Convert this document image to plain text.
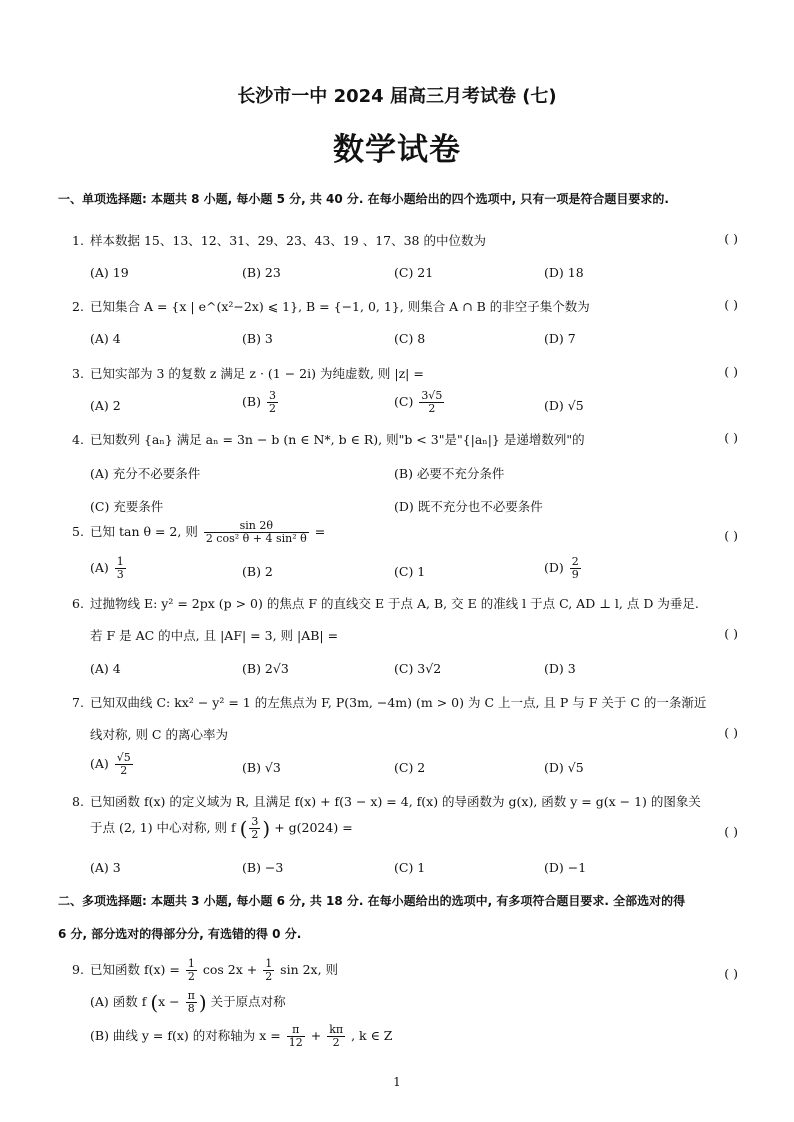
长沙市一中 2024 届高三月考试卷 (七)
数学试卷
一、单项选择题: 本题共 8 小题, 每小题 5 分, 共 40 分. 在每小题给出的四个选项中, 只有一项是符合题目要求的.
1. 样本数据 15、13、12、31、29、23、43、19 、17、38 的中位数为	( )
(A) 19	(B) 23	(C) 21	(D) 18
2. 已知集合 A = {x | e^(x²−2x) ⩽ 1}, B = {−1, 0, 1}, 则集合 A ∩ B 的非空子集个数为	( )
(A) 4	(B) 3	(C) 8	(D) 7
3. 已知实部为 3 的复数 z 满足 z · (1 − 2i) 为纯虚数, 则 |z| =	( )
(A) 2	$(B) \frac{3}{2}$	$(C) \frac{3√5}{2}$	(D) √5
4. 已知数列 {aₙ} 满足 aₙ = 3n − b (n ∈ N*, b ∈ R), 则"b < 3"是"{|aₙ|} 是递增数列"的	( )
(A) 充分不必要条件	(B) 必要不充分条件
(C) 充要条件	(D) 既不充分也不必要条件
5. 已知 tan θ = 2, 则 $\frac{\sin 2\theta}{\text{2 cos² θ + 4 sin² θ}}$ =	( )
$(A) \frac{1}{3}$	(B) 2	(C) 1	$(D) \frac{2}{9}$
6. 过抛物线 E: y² = 2px (p > 0) 的焦点 F 的直线交 E 于点 A, B, 交 E 的准线 l 于点 C, AD ⊥ l, 点 D 为垂足.
若 F 是 AC 的中点, 且 |AF| = 3, 则 |AB| =	( )
(A) 4	(B) 2√3	(C) 3√2	(D) 3
7. 已知双曲线 C: kx² − y² = 1 的左焦点为 F, P(3m, −4m) (m > 0) 为 C 上一点, 且 P 与 F 关于 C 的一条渐近
线对称, 则 C 的离心率为	( )
$(A) \frac{√5}{2}$	(B) √3	(C) 2	(D) √5
8. 已知函数 f(x) 的定义域为 R, 且满足 f(x) + f(3 − x) = 4, f(x) 的导函数为 g(x), 函数 y = g(x − 1) 的图象关
于点 (2, 1) 中心对称, 则 f ( $\frac{3}{2}$ ) + g(2024) =	( )
(A) 3	(B) −3	(C) 1	(D) −1
二、多项选择题: 本题共 3 小题, 每小题 6 分, 共 18 分. 在每小题给出的选项中, 有多项符合题目要求. 全部选对的得
6 分, 部分选对的得部分分, 有选错的得 0 分.
9. 已知函数 $f(x) = \frac{1}{2}$ $\cos 2x + \frac{1}{2}$ sin 2x, 则	( )
(A) 函数 f ($x - \frac{\pi}{8}$ ) 关于原点对称
(B) 曲线 y = f(x) 的对称轴为 $x = \frac{\pi}{12} + \frac{k\pi}{2}$ , k ∈ Z
1
